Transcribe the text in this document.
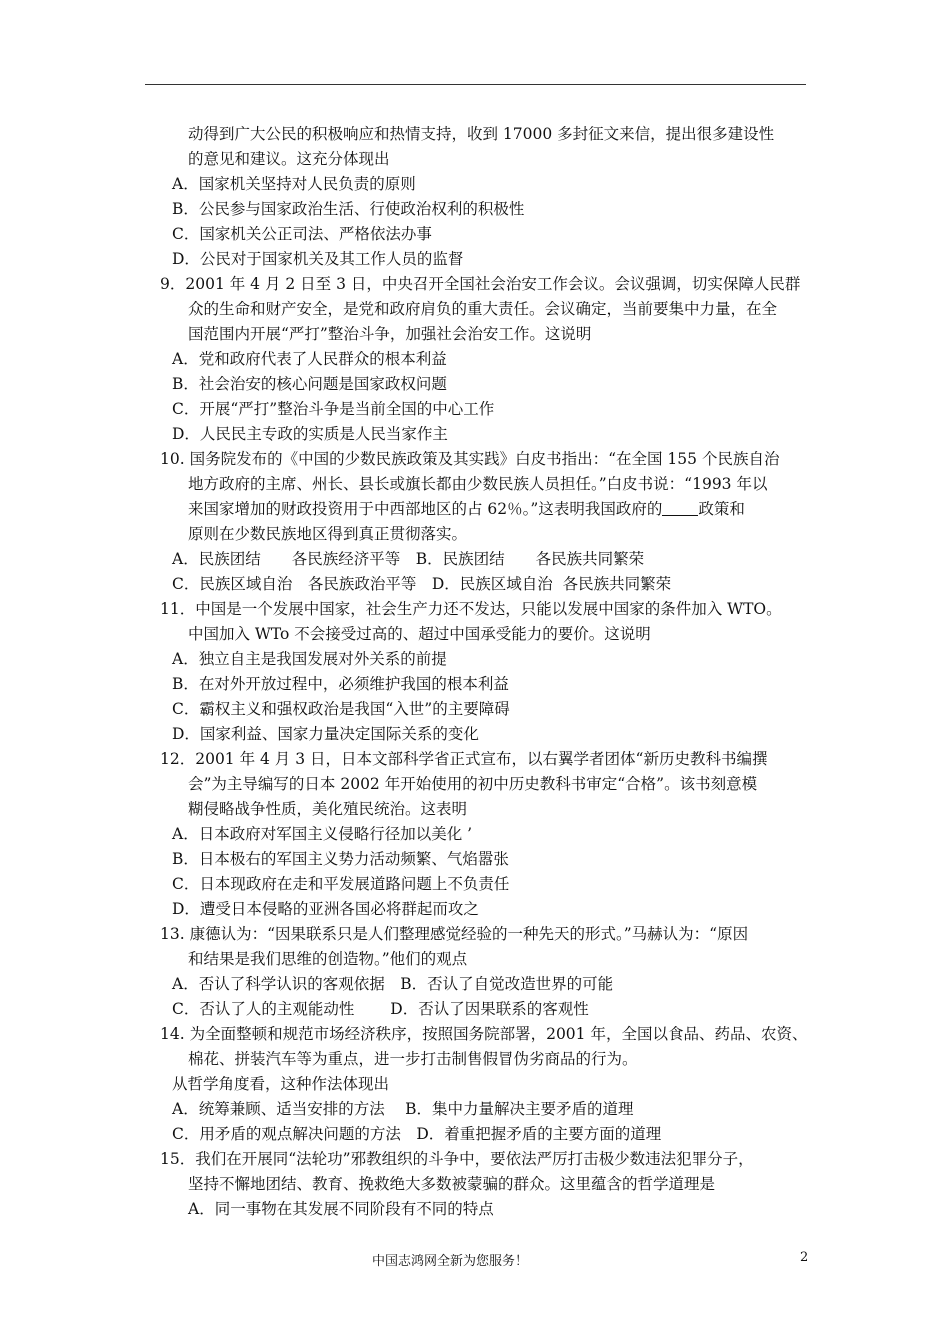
动得到广大公民的积极响应和热情支持，收到 17000 多封征文来信，提出很多建设性
的意见和建议。这充分体现出
A．国家机关坚持对人民负责的原则
B．公民参与国家政治生活、行使政治权利的积极性
C．国家机关公正司法、严格依法办事
D．公民对于国家机关及其工作人员的监督
9．2001 年 4 月 2 日至 3 日，中央召开全国社会治安工作会议。会议强调，切实保障人民群
众的生命和财产安全，是党和政府肩负的重大责任。会议确定，当前要集中力量，在全
国范围内开展“严打”整治斗争，加强社会治安工作。这说明
A．党和政府代表了人民群众的根本利益
B．社会治安的核心问题是国家政权问题
C．开展“严打”整治斗争是当前全国的中心工作
D．人民民主专政的实质是人民当家作主
10. 国务院发布的《中国的少数民族政策及其实践》白皮书指出：“在全国 155 个民族自治
地方政府的主席、州长、县长或旗长都由少数民族人员担任。”白皮书说：“1993 年以
来国家增加的财政投资用于中西部地区的占 62％。”这表明我国政府的 政策和
原则在少数民族地区得到真正贯彻落实。
A．民族团结　　各民族经济平等　B．民族团结　　各民族共同繁荣
C．民族区域自治　各民族政治平等　D．民族区域自治  各民族共同繁荣
11．中国是一个发展中国家，社会生产力还不发达，只能以发展中国家的条件加入 WTO。
中国加入 WTo 不会接受过高的、超过中国承受能力的要价。这说明
A．独立自主是我国发展对外关系的前提
B．在对外开放过程中，必须维护我国的根本利益
C．霸权主义和强权政治是我国“入世”的主要障碍
D．国家利益、国家力量决定国际关系的变化
12．2001 年 4 月 3 日，日本文部科学省正式宣布，以右翼学者团体“新历史教科书编撰
会”为主导编写的日本 2002 年开始使用的初中历史教科书审定“合格”。该书刻意模
糊侵略战争性质，美化殖民统治。这表明
A．日本政府对军国主义侵略行径加以美化 ’
B．日本极右的军国主义势力活动频繁、气焰嚣张
C．日本现政府在走和平发展道路问题上不负责任
D．遭受日本侵略的亚洲各国必将群起而攻之
13. 康德认为：“因果联系只是人们整理感觉经验的一种先天的形式。”马赫认为：“原因
和结果是我们思维的创造物。”他们的观点
A．否认了科学认识的客观依据　B．否认了自觉改造世界的可能
C．否认了人的主观能动性　　 D．否认了因果联系的客观性
14. 为全面整顿和规范市场经济秩序，按照国务院部署，2001 年，全国以食品、药品、农资、
棉花、拼装汽车等为重点，进一步打击制售假冒伪劣商品的行为。
从哲学角度看，这种作法体现出
A．统筹兼顾、适当安排的方法　 B．集中力量解决主要矛盾的道理
C．用矛盾的观点解决问题的方法　D．着重把握矛盾的主要方面的道理
15．我们在开展同“法轮功”邪教组织的斗争中，要依法严厉打击极少数违法犯罪分子，
坚持不懈地团结、教育、挽救绝大多数被蒙骗的群众。这里蕴含的哲学道理是
A．同一事物在其发展不同阶段有不同的特点
中国志鸿网全新为您服务！	2
